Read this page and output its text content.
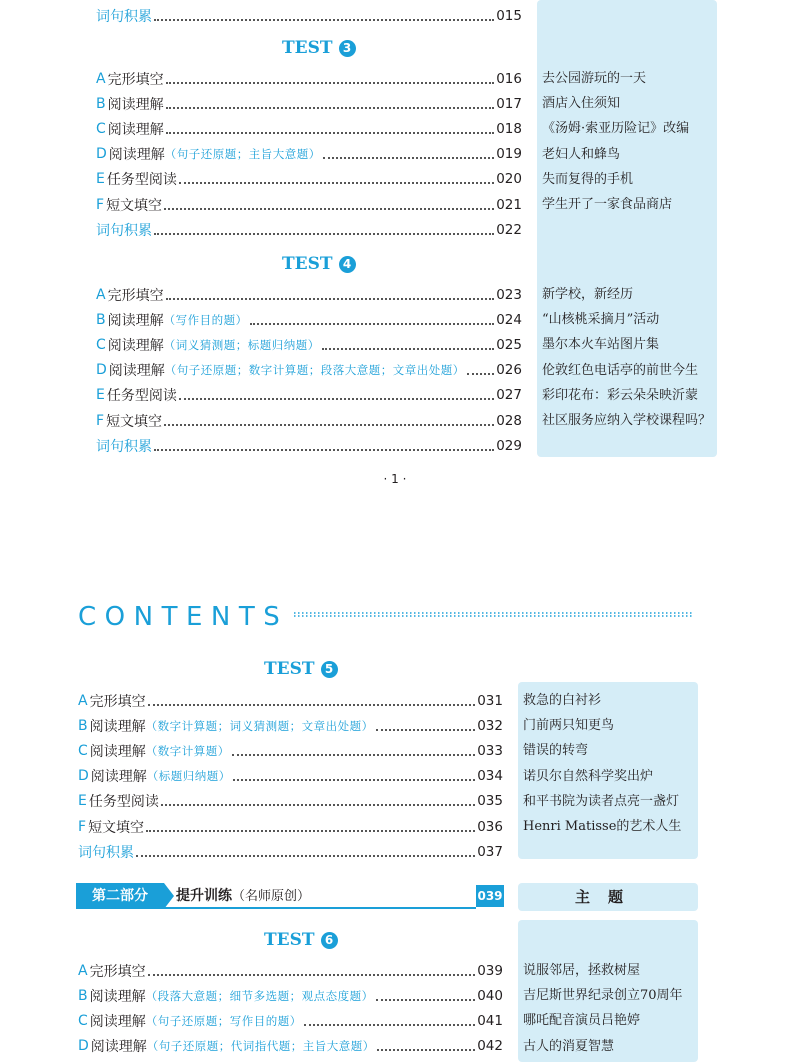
词句积累	015
TEST 3
A 完形填空	016 去公园游玩的一天
B 阅读理解	017 酒店入住须知
C 阅读理解	018 《汤姆·索亚历险记》改编
D 阅读理解 （句子还原题；主旨大意题）	019 老妇人和蜂鸟
E 任务型阅读	020 失而复得的手机
F 短文填空	021 学生开了一家食品商店
词句积累	022
TEST 4
A 完形填空	023 新学校，新经历
B 阅读理解 （写作目的题）	024 “山核桃采摘月”活动
C 阅读理解 （词义猜测题；标题归纳题）	025 墨尔本火车站图片集
D 阅读理解 （句子还原题；数字计算题；段落大意题；文章出处题） 026 伦敦红色电话亭的前世今生
E 任务型阅读	027 彩印花布：彩云朵朵映沂蒙
F 短文填空	028 社区服务应纳入学校课程吗？
词句积累	029
· 1 ·
CONTENTS
第二部分	提升训练（名师原创）	039	主题
TEST 5
A 完形填空	031 救急的白衬衫
B 阅读理解 （数字计算题；词义猜测题；文章出处题）	032 门前两只知更鸟
C 阅读理解 （数字计算题）	033 错误的转弯
D 阅读理解 （标题归纳题）	034 诺贝尔自然科学奖出炉
E 任务型阅读	035 和平书院为读者点亮一盏灯
F 短文填空	036 Henri Matisse的艺术人生
词句积累	037
TEST 6
A 完形填空	039 说服邻居，拯救树屋
B 阅读理解 （段落大意题；细节多选题；观点态度题）	040 吉尼斯世界纪录创立70周年
C 阅读理解 （句子还原题；写作目的题）	041 哪吒配音演员吕艳婷
D 阅读理解 （句子还原题；代词指代题；主旨大意题）	042 古人的消夏智慧
